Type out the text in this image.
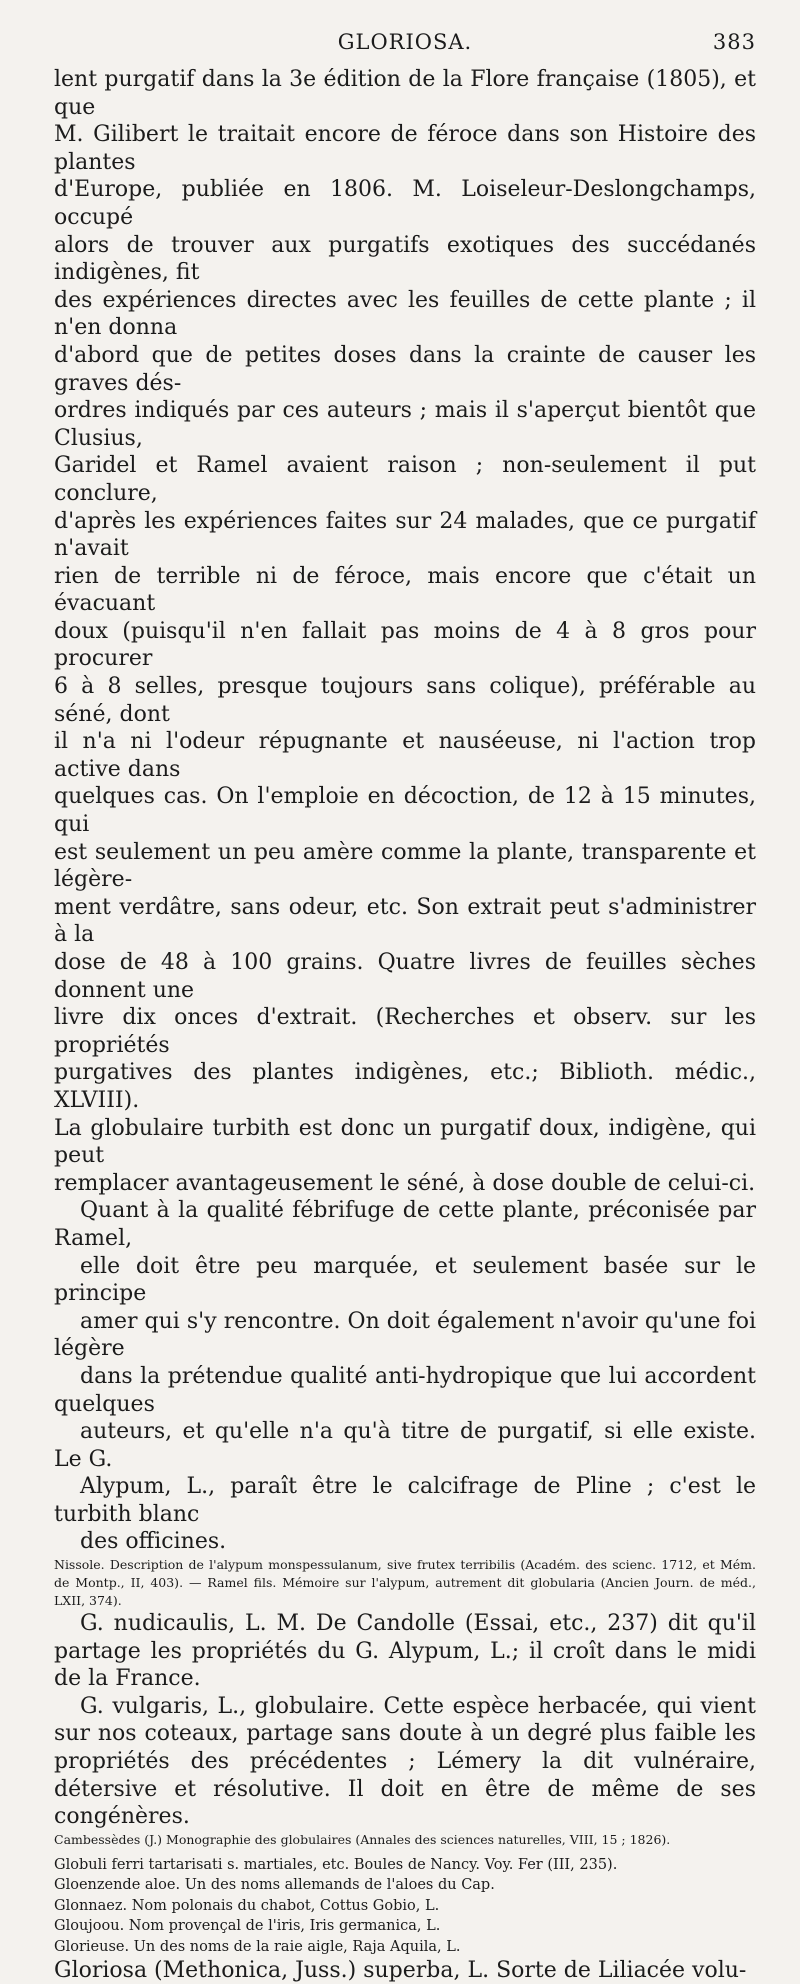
GLORIOSA.	383

lent purgatif dans la 3e édition de la Flore française (1805), et que

M. Gilibert le traitait encore de féroce dans son Histoire des plantes

d'Europe, publiée en 1806. M. Loiseleur-Deslongchamps, occupé

alors de trouver aux purgatifs exotiques des succédanés indigènes, fit

des expériences directes avec les feuilles de cette plante ; il n'en donna

d'abord que de petites doses dans la crainte de causer les graves dés-

ordres indiqués par ces auteurs ; mais il s'aperçut bientôt que Clusius,

Garidel et Ramel avaient raison ; non-seulement il put conclure,

d'après les expériences faites sur 24 malades, que ce purgatif n'avait

rien de terrible ni de féroce, mais encore que c'était un évacuant

doux (puisqu'il n'en fallait pas moins de 4 à 8 gros pour procurer

6 à 8 selles, presque toujours sans colique), préférable au séné, dont

il n'a ni l'odeur répugnante et nauséeuse, ni l'action trop active dans

quelques cas. On l'emploie en décoction, de 12 à 15 minutes, qui

est seulement un peu amère comme la plante, transparente et légère-

ment verdâtre, sans odeur, etc. Son extrait peut s'administrer à la

dose de 48 à 100 grains. Quatre livres de feuilles sèches donnent une

livre dix onces d'extrait. (Recherches et observ. sur les propriétés

purgatives des plantes indigènes, etc.; Biblioth. médic., XLVIII).

La globulaire turbith est donc un purgatif doux, indigène, qui peut

remplacer avantageusement le séné, à dose double de celui-ci.

Quant à la qualité fébrifuge de cette plante, préconisée par Ramel,

elle doit être peu marquée, et seulement basée sur le principe

amer qui s'y rencontre. On doit également n'avoir qu'une foi légère

dans la prétendue qualité anti-hydropique que lui accordent quelques

auteurs, et qu'elle n'a qu'à titre de purgatif, si elle existe. Le G.

Alypum, L., paraît être le calcifrage de Pline ; c'est le turbith blanc

des officines.

Nissole. Description de l'alypum monspessulanum, sive frutex terribilis (Académ. des scienc. 1712, et Mém. de Montp., II, 403). — Ramel fils. Mémoire sur l'alypum, autrement dit globularia (Ancien Journ. de méd., LXII, 374).

G. nudicaulis, L. M. De Candolle (Essai, etc., 237) dit qu'il partage les propriétés du G. Alypum, L.; il croît dans le midi de la France.

G. vulgaris, L., globulaire. Cette espèce herbacée, qui vient sur nos coteaux, partage sans doute à un degré plus faible les propriétés des précédentes ; Lémery la dit vulnéraire, détersive et résolutive. Il doit en être de même de ses congénères.

Cambessèdes (J.) Monographie des globulaires (Annales des sciences naturelles, VIII, 15 ; 1826).

Globuli ferri tartarisati s. martiales, etc. Boules de Nancy. Voy. Fer (III, 235).

Gloenzende aloe. Un des noms allemands de l'aloes du Cap.

Glonnaez. Nom polonais du chabot, Cottus Gobio, L.

Gloujoou. Nom provençal de l'iris, Iris germanica, L.

Glorieuse. Un des noms de la raie aigle, Raja Aquila, L.

Gloriosa (Methonica, Juss.) superba, L. Sorte de Liliacée volu-
